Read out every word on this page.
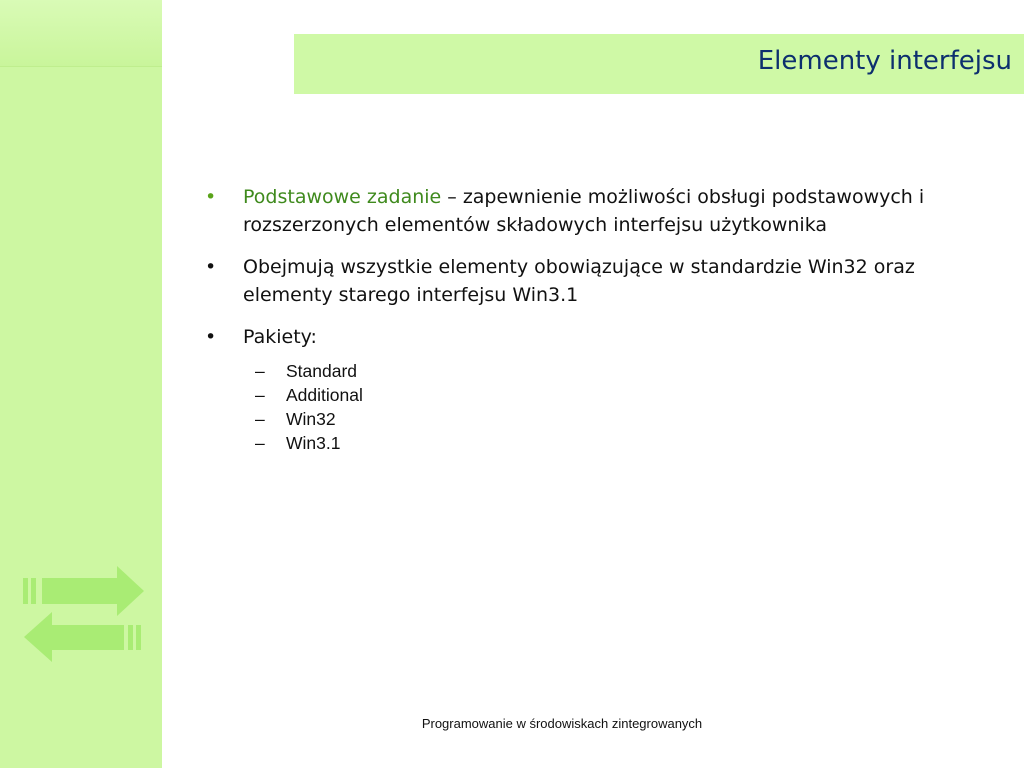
Elementy interfejsu
• Podstawowe zadanie – zapewnienie możliwości obsługi podstawowych i rozszerzonych elementów składowych interfejsu użytkownika
• Obejmują wszystkie elementy obowiązujące w standardzie Win32 oraz elementy starego interfejsu Win3.1
• Pakiety:
– Standard
– Additional
– Win32
– Win3.1
Programowanie w środowiskach zintegrowanych
